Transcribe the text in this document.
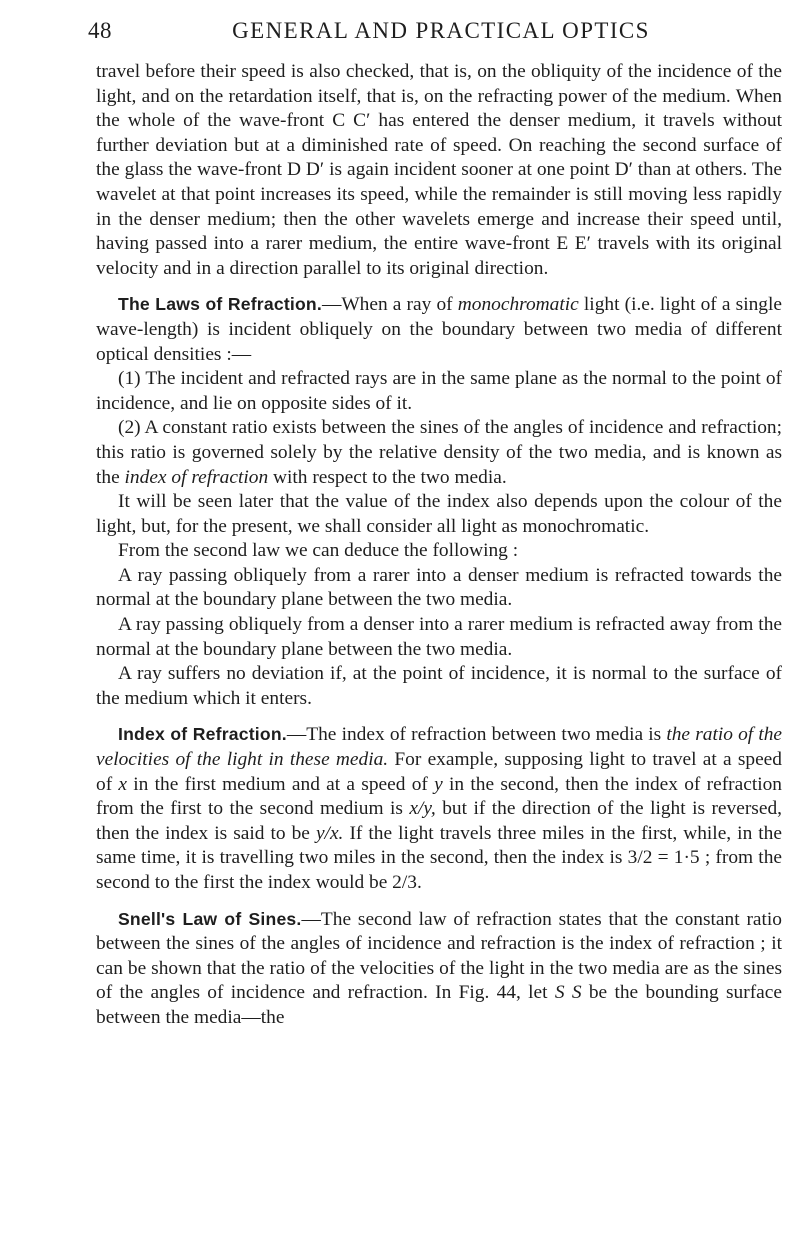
48	GENERAL AND PRACTICAL OPTICS

travel before their speed is also checked, that is, on the obliquity of the incidence of the light, and on the retardation itself, that is, on the refracting power of the medium. When the whole of the wave-front C C′ has entered the denser medium, it travels without further deviation but at a diminished rate of speed. On reaching the second surface of the glass the wave-front D D′ is again incident sooner at one point D′ than at others. The wavelet at that point increases its speed, while the remainder is still moving less rapidly in the denser medium; then the other wavelets emerge and increase their speed until, having passed into a rarer medium, the entire wave-front E E′ travels with its original velocity and in a direction parallel to its original direction.

The Laws of Refraction.—When a ray of monochromatic light (i.e. light of a single wave-length) is incident obliquely on the boundary between two media of different optical densities :—

(1) The incident and refracted rays are in the same plane as the normal to the point of incidence, and lie on opposite sides of it.

(2) A constant ratio exists between the sines of the angles of incidence and refraction; this ratio is governed solely by the relative density of the two media, and is known as the index of refraction with respect to the two media.

It will be seen later that the value of the index also depends upon the colour of the light, but, for the present, we shall consider all light as monochromatic.

From the second law we can deduce the following :

A ray passing obliquely from a rarer into a denser medium is refracted towards the normal at the boundary plane between the two media.

A ray passing obliquely from a denser into a rarer medium is refracted away from the normal at the boundary plane between the two media.

A ray suffers no deviation if, at the point of incidence, it is normal to the surface of the medium which it enters.

Index of Refraction.—The index of refraction between two media is the ratio of the velocities of the light in these media. For example, supposing light to travel at a speed of x in the first medium and at a speed of y in the second, then the index of refraction from the first to the second medium is x/y, but if the direction of the light is reversed, then the index is said to be y/x. If the light travels three miles in the first, while, in the same time, it is travelling two miles in the second, then the index is 3/2 = 1·5 ; from the second to the first the index would be 2/3.

Snell's Law of Sines.—The second law of refraction states that the constant ratio between the sines of the angles of incidence and refraction is the index of refraction ; it can be shown that the ratio of the velocities of the light in the two media are as the sines of the angles of incidence and refraction. In Fig. 44, let S S be the bounding surface between the media—the
